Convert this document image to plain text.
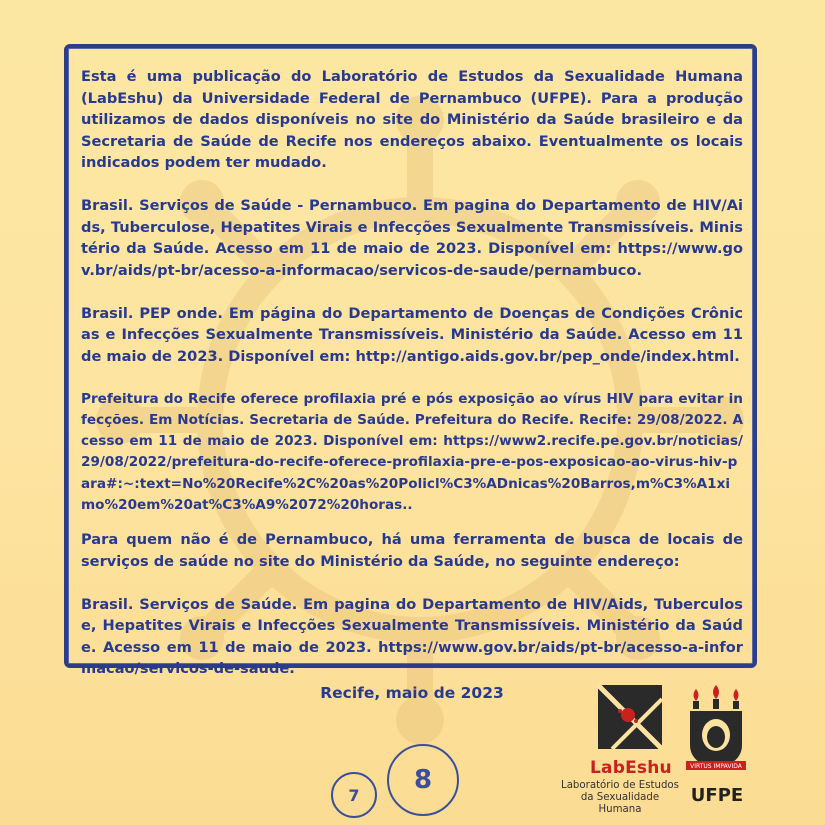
Esta é uma publicação do Laboratório de Estudos da Sexualidade Humana (LabEshu) da Universidade Federal de Pernambuco (UFPE). Para a produção utilizamos de dados disponíveis no site do Ministério da Saúde brasileiro e da Secretaria de Saúde de Recife nos endereços abaixo. Eventualmente os locais indicados podem ter mudado.

Brasil. Serviços de Saúde - Pernambuco. Em pagina do Departamento de HIV/Aids, Tuberculose, Hepatites Virais e Infecções Sexualmente Transmissíveis. Ministério da Saúde. Acesso em 11 de maio de 2023. Disponível em: https://www.gov.br/aids/pt-br/acesso-a-informacao/servicos-de-saude/pernambuco.

Brasil. PEP onde. Em página do Departamento de Doenças de Condições Crônicas e Infecções Sexualmente Transmissíveis. Ministério da Saúde. Acesso em 11 de maio de 2023. Disponível em: http://antigo.aids.gov.br/pep_onde/index.html.

Prefeitura do Recife oferece profilaxia pré e pós exposição ao vírus HIV para evitar infecções. Em Notícias. Secretaria de Saúde. Prefeitura do Recife. Recife: 29/08/2022. Acesso em 11 de maio de 2023. Disponível em: https://www2.recife.pe.gov.br/noticias/29/08/2022/prefeitura-do-recife-oferece-profilaxia-pre-e-pos-exposicao-ao-virus-hiv-para#:~:text=No%20Recife%2C%20as%20Policl%C3%ADnicas%20Barros,m%C3%A1ximo%20em%20at%C3%A9%2072%20horas..

Para quem não é de Pernambuco, há uma ferramenta de busca de locais de serviços de saúde no site do Ministério da Saúde, no seguinte endereço:

Brasil. Serviços de Saúde. Em pagina do Departamento de HIV/Aids, Tuberculose, Hepatites Virais e Infecções Sexualmente Transmissíveis. Ministério da Saúde. Acesso em 11 de maio de 2023. https://www.gov.br/aids/pt-br/acesso-a-informacao/servicos-de-saude.

Recife, maio de 2023

7	8	LabEshu
Laboratório de Estudos
da Sexualidade Humana
VIRTUS IMPAVIDA
UFPE
